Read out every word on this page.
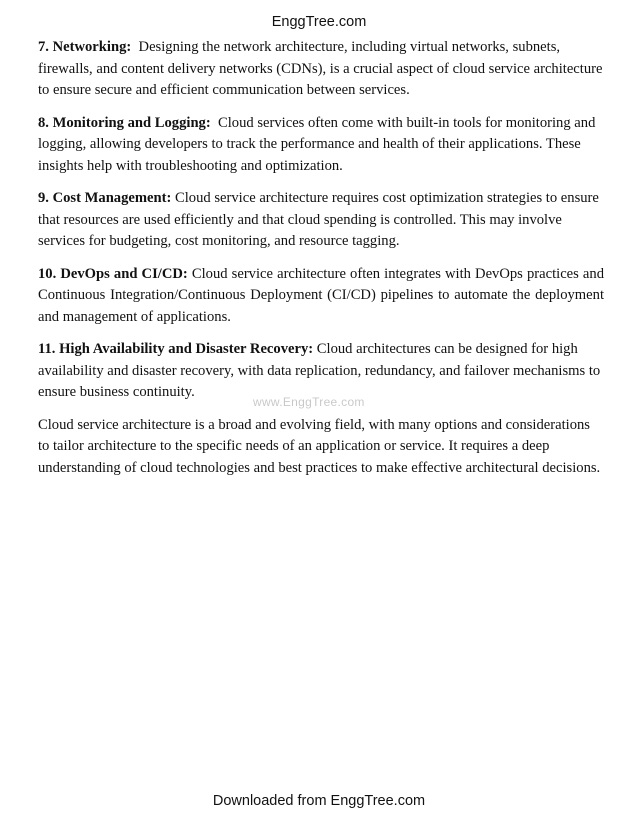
EnggTree.com

7. Networking: Designing the network architecture, including virtual networks, subnets, firewalls, and content delivery networks (CDNs), is a crucial aspect of cloud service architecture to ensure secure and efficient communication between services.

8. Monitoring and Logging: Cloud services often come with built-in tools for monitoring and logging, allowing developers to track the performance and health of their applications. These insights help with troubleshooting and optimization.

9. Cost Management: Cloud service architecture requires cost optimization strategies to ensure that resources are used efficiently and that cloud spending is controlled. This may involve services for budgeting, cost monitoring, and resource tagging.

10. DevOps and CI/CD: Cloud service architecture often integrates with DevOps practices and Continuous Integration/Continuous Deployment (CI/CD) pipelines to automate the deployment and management of applications.

11. High Availability and Disaster Recovery: Cloud architectures can be designed for high availability and disaster recovery, with data replication, redundancy, and failover mechanisms to ensure business continuity.

Cloud service architecture is a broad and evolving field, with many options and considerations to tailor architecture to the specific needs of an application or service. It requires a deep understanding of cloud technologies and best practices to make effective architectural decisions.

www.EnggTree.com
Downloaded from EnggTree.com
